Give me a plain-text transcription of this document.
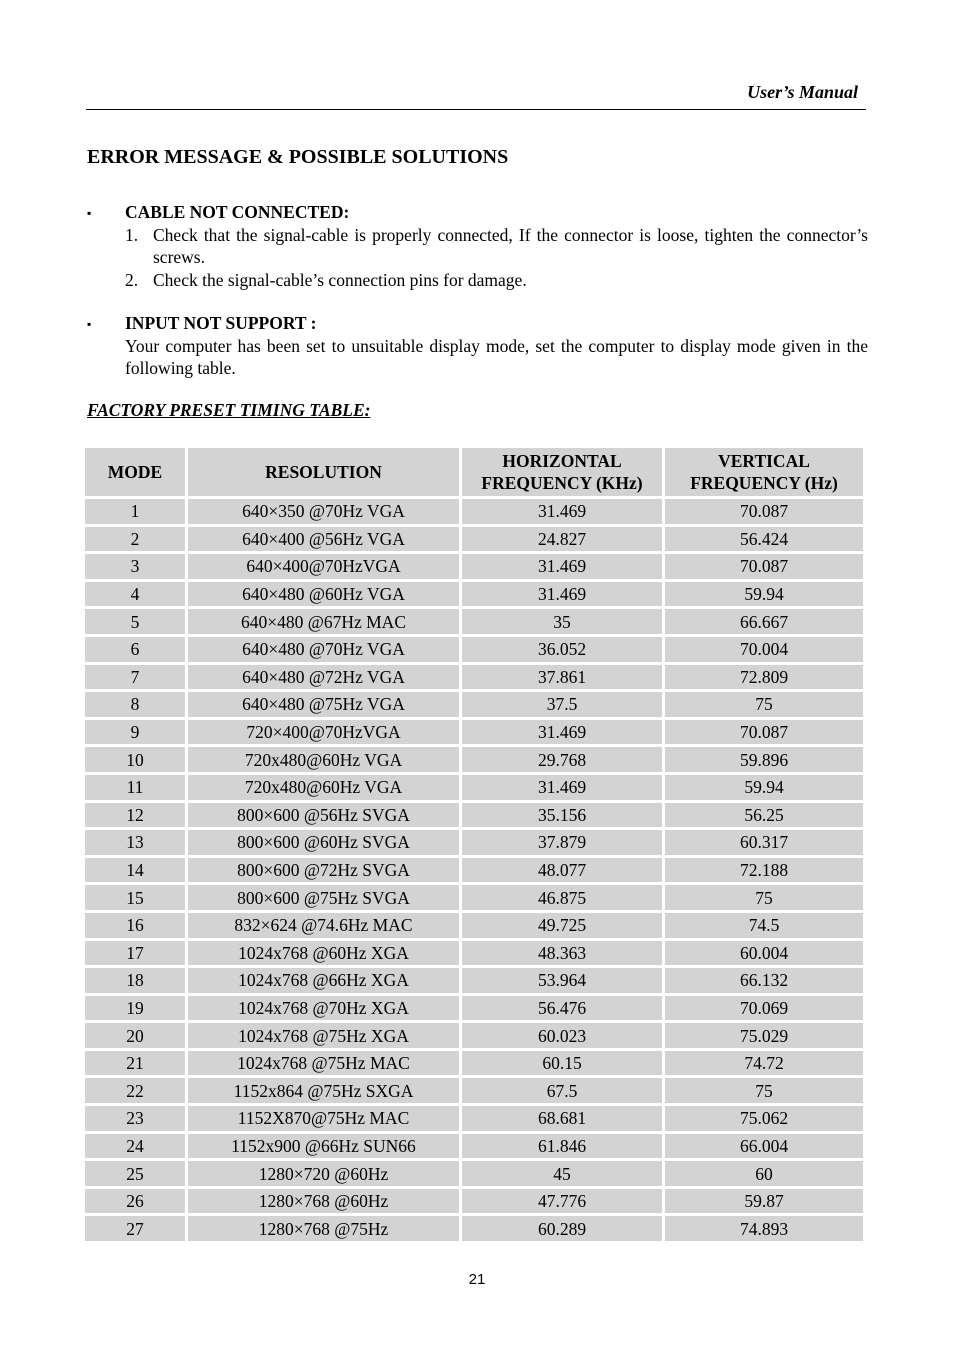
User’s Manual
ERROR MESSAGE & POSSIBLE SOLUTIONS
▪ CABLE NOT CONNECTED:
1. Check that the signal-cable is properly connected, If the connector is loose, tighten the connector’s screws.
2. Check the signal-cable’s connection pins for damage.
▪ INPUT NOT SUPPORT :
Your computer has been set to unsuitable display mode, set the computer to display mode given in the following table.
FACTORY PRESET TIMING TABLE:
MODE	RESOLUTION	HORIZONTAL FREQUENCY (KHz)	VERTICAL FREQUENCY (Hz)
1	640×350 @70Hz VGA	31.469	70.087
2	640×400 @56Hz VGA	24.827	56.424
3	640×400@70HzVGA	31.469	70.087
4	640×480 @60Hz VGA	31.469	59.94
5	640×480 @67Hz MAC	35	66.667
6	640×480 @70Hz VGA	36.052	70.004
7	640×480 @72Hz VGA	37.861	72.809
8	640×480 @75Hz VGA	37.5	75
9	720×400@70HzVGA	31.469	70.087
10	720x480@60Hz VGA	29.768	59.896
11	720x480@60Hz VGA	31.469	59.94
12	800×600 @56Hz SVGA	35.156	56.25
13	800×600 @60Hz SVGA	37.879	60.317
14	800×600 @72Hz SVGA	48.077	72.188
15	800×600 @75Hz SVGA	46.875	75
16	832×624 @74.6Hz MAC	49.725	74.5
17	1024x768 @60Hz XGA	48.363	60.004
18	1024x768 @66Hz XGA	53.964	66.132
19	1024x768 @70Hz XGA	56.476	70.069
20	1024x768 @75Hz XGA	60.023	75.029
21	1024x768 @75Hz MAC	60.15	74.72
22	1152x864 @75Hz SXGA	67.5	75
23	1152X870@75Hz MAC	68.681	75.062
24	1152x900 @66Hz SUN66	61.846	66.004
25	1280×720 @60Hz	45	60
26	1280×768 @60Hz	47.776	59.87
27	1280×768 @75Hz	60.289	74.893
21
